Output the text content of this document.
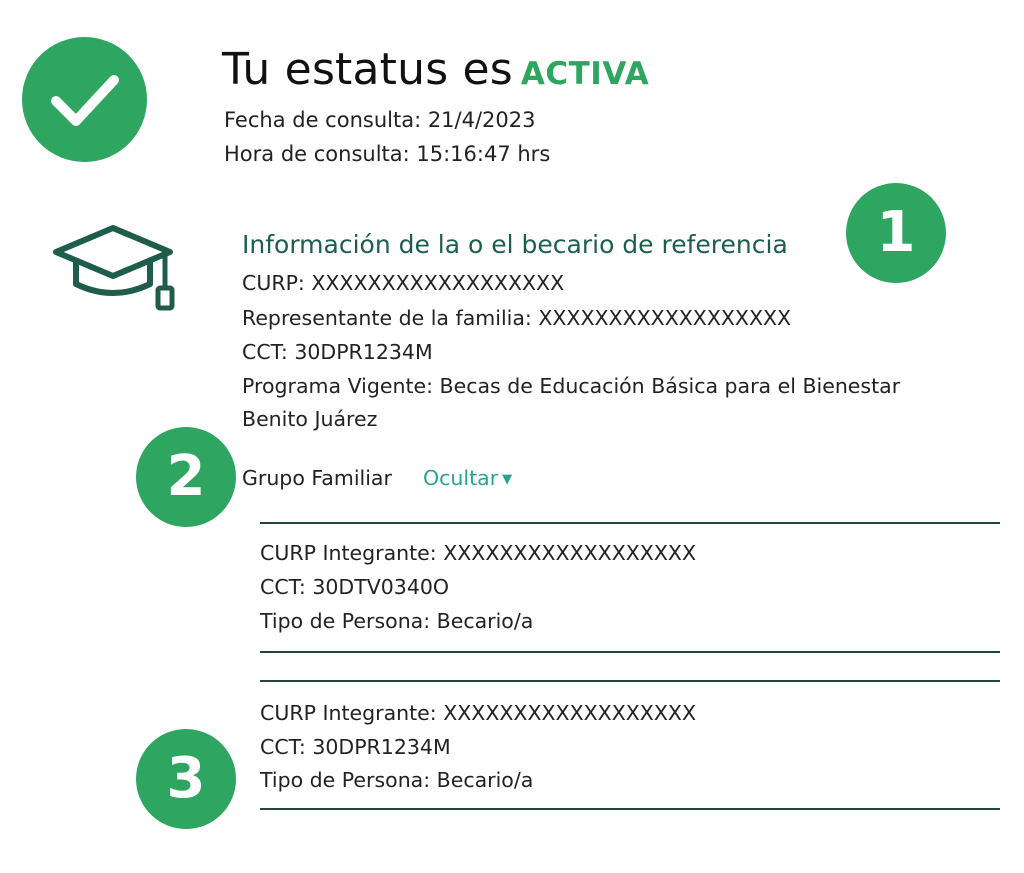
Tu estatus es ACTIVA
Fecha de consulta: 21/4/2023
Hora de consulta: 15:16:47 hrs
Información de la o el becario de referencia	1
CURP: XXXXXXXXXXXXXXXXXX
Representante de la familia: XXXXXXXXXXXXXXXXXX
CCT: 30DPR1234M
Programa Vigente: Becas de Educación Básica para el Bienestar
Benito Juárez
2	Grupo Familiar Ocultar ▼
CURP Integrante: XXXXXXXXXXXXXXXXXX
CCT: 30DTV0340O
Tipo de Persona: Becario/a
CURP Integrante: XXXXXXXXXXXXXXXXXX
CCT: 30DPR1234M
Tipo de Persona: Becario/a
3
